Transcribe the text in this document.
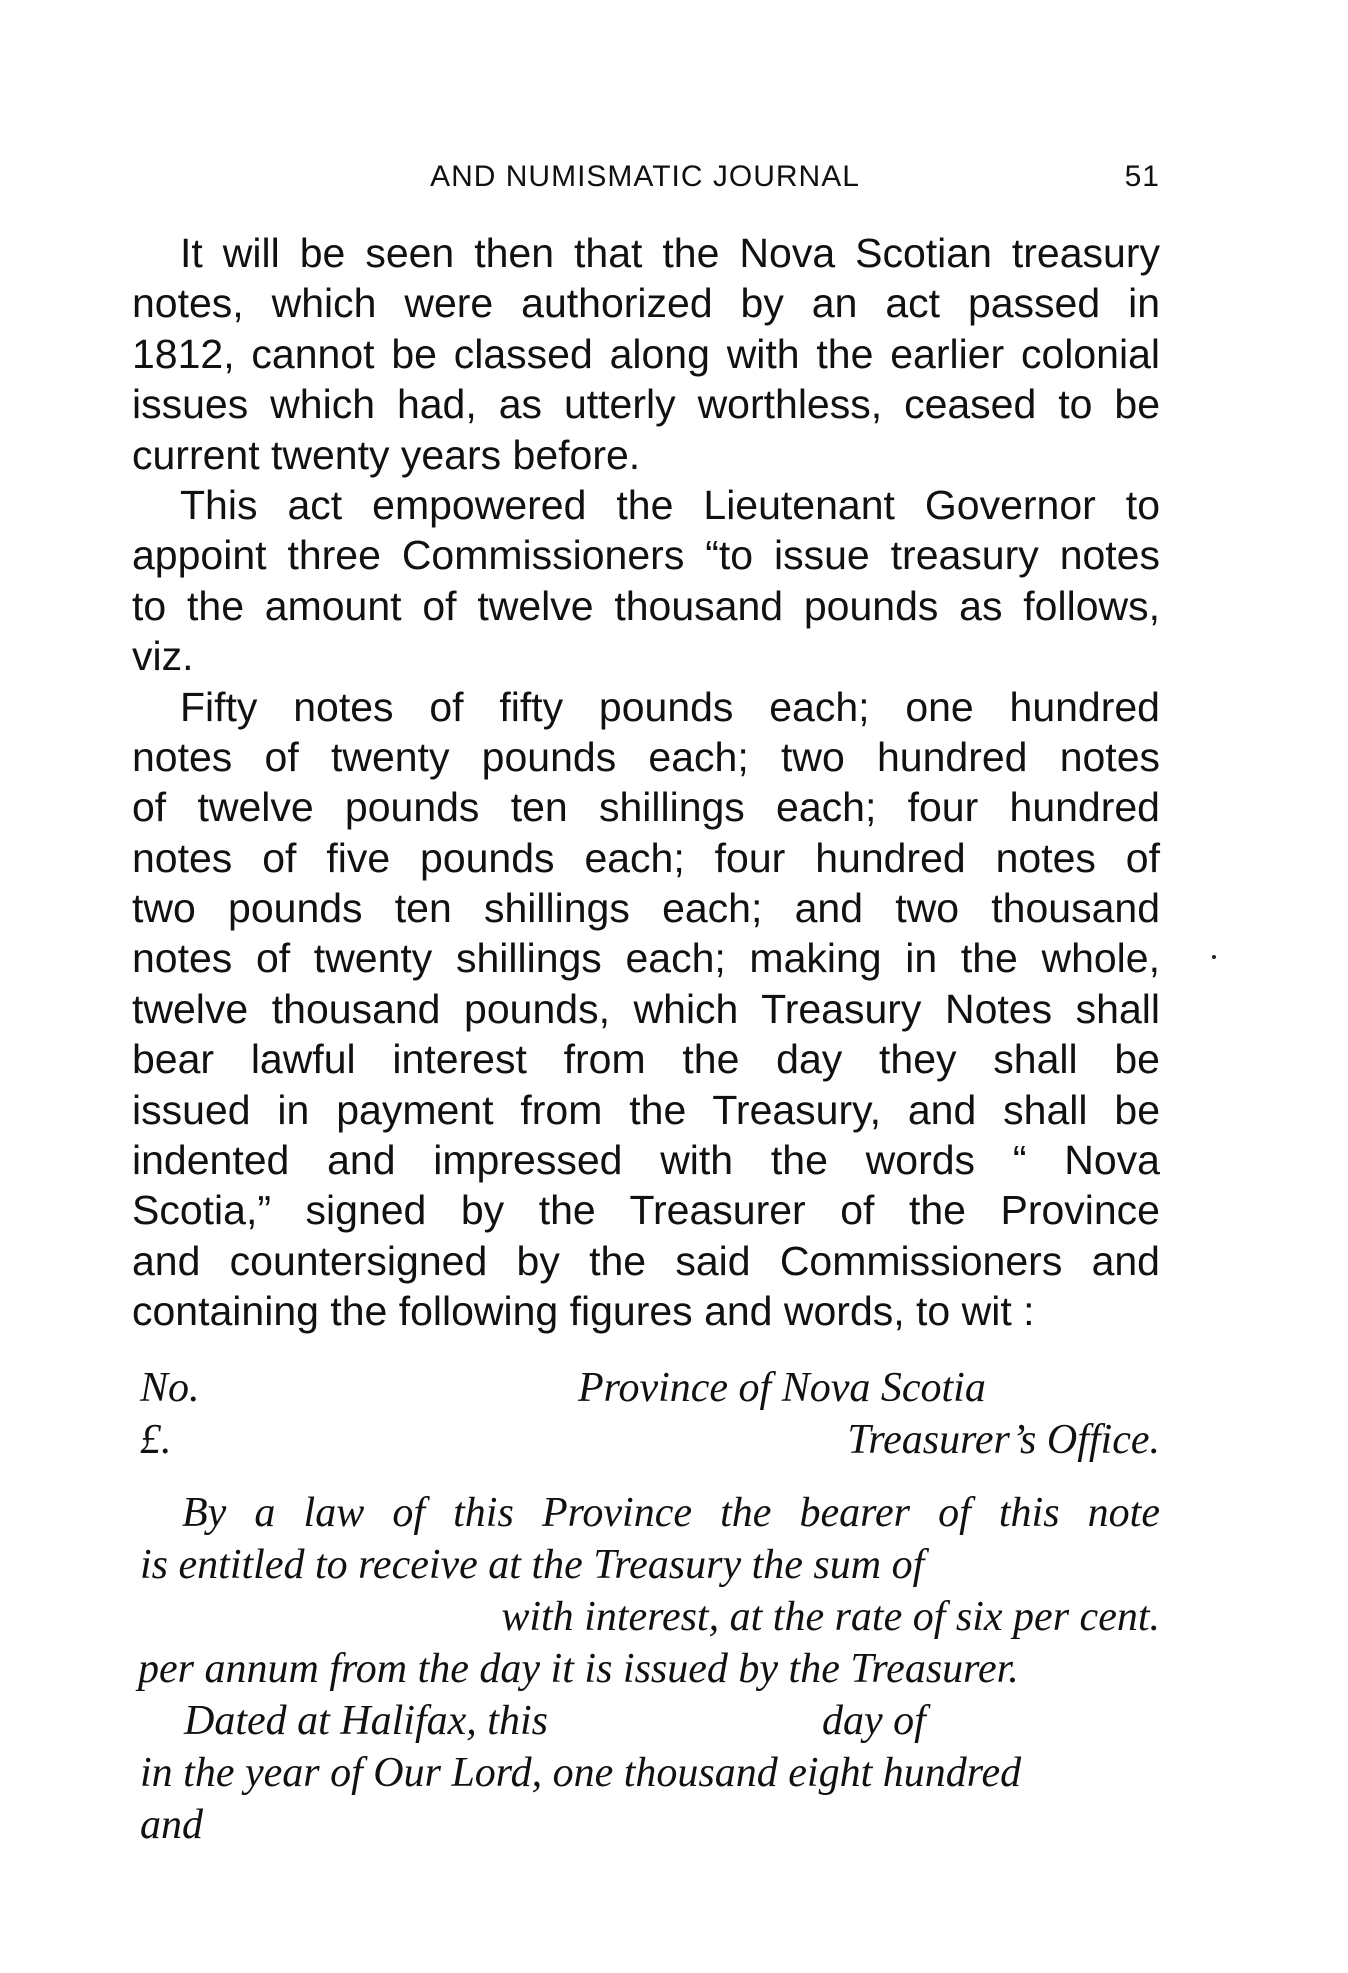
AND NUMISMATIC JOURNAL	51
It will be seen then that the Nova Scotian treasury
notes, which were authorized by an act passed in
1812, cannot be classed along with the earlier colonial
issues which had, as utterly worthless, ceased to be
current twenty years before.
This act empowered the Lieutenant Governor to
appoint three Commissioners “to issue treasury notes
to the amount of twelve thousand pounds as follows,
viz.
Fifty notes of fifty pounds each; one hundred
notes of twenty pounds each; two hundred notes
of twelve pounds ten shillings each; four hundred
notes of five pounds each; four hundred notes of
two pounds ten shillings each; and two thousand
notes of twenty shillings each; making in the whole,
twelve thousand pounds, which Treasury Notes shall
bear lawful interest from the day they shall be
issued in payment from the Treasury, and shall be
indented and impressed with the words “ Nova
Scotia,” signed by the Treasurer of the Province
and countersigned by the said Commissioners and
containing the following figures and words, to wit :
No.	Province of Nova Scotia
£.	Treasurer’s Office.
By a law of this Province the bearer of this note
is entitled to receive at the Treasury the sum of
with interest, at the rate of six per cent.
per annum from the day it is issued by the Treasurer.
Dated at Halifax, this	day of
in the year of Our Lord, one thousand eight hundred
and
